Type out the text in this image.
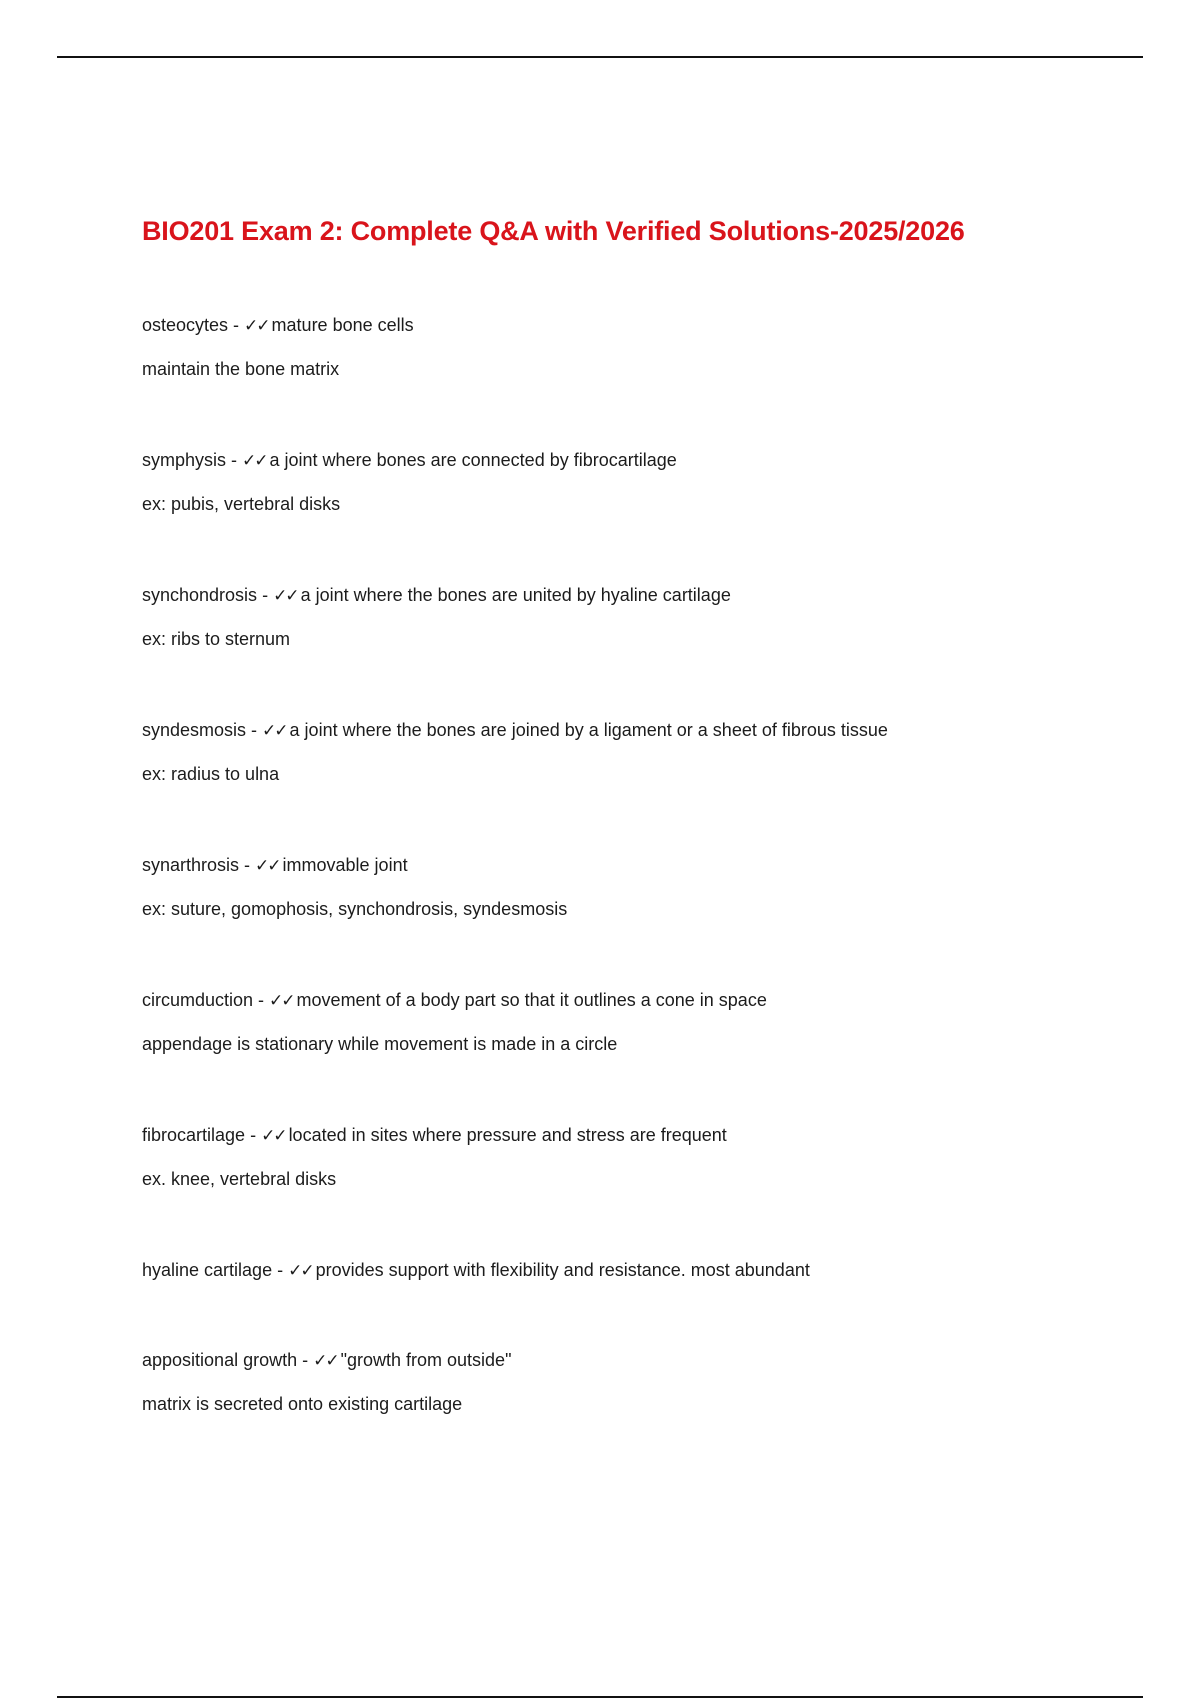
BIO201 Exam 2: Complete Q&A with Verified Solutions-2025/2026
osteocytes - ✓✓ mature bone cells
maintain the bone matrix
symphysis - ✓✓ a joint where bones are connected by fibrocartilage
ex: pubis, vertebral disks
synchondrosis - ✓✓ a joint where the bones are united by hyaline cartilage
ex: ribs to sternum
syndesmosis - ✓✓ a joint where the bones are joined by a ligament or a sheet of fibrous tissue
ex: radius to ulna
synarthrosis - ✓✓ immovable joint
ex: suture, gomophosis, synchondrosis, syndesmosis
circumduction - ✓✓ movement of a body part so that it outlines a cone in space
appendage is stationary while movement is made in a circle
fibrocartilage - ✓✓ located in sites where pressure and stress are frequent
ex. knee, vertebral disks
hyaline cartilage - ✓✓ provides support with flexibility and resistance. most abundant
appositional growth - ✓✓ "growth from outside"
matrix is secreted onto existing cartilage
